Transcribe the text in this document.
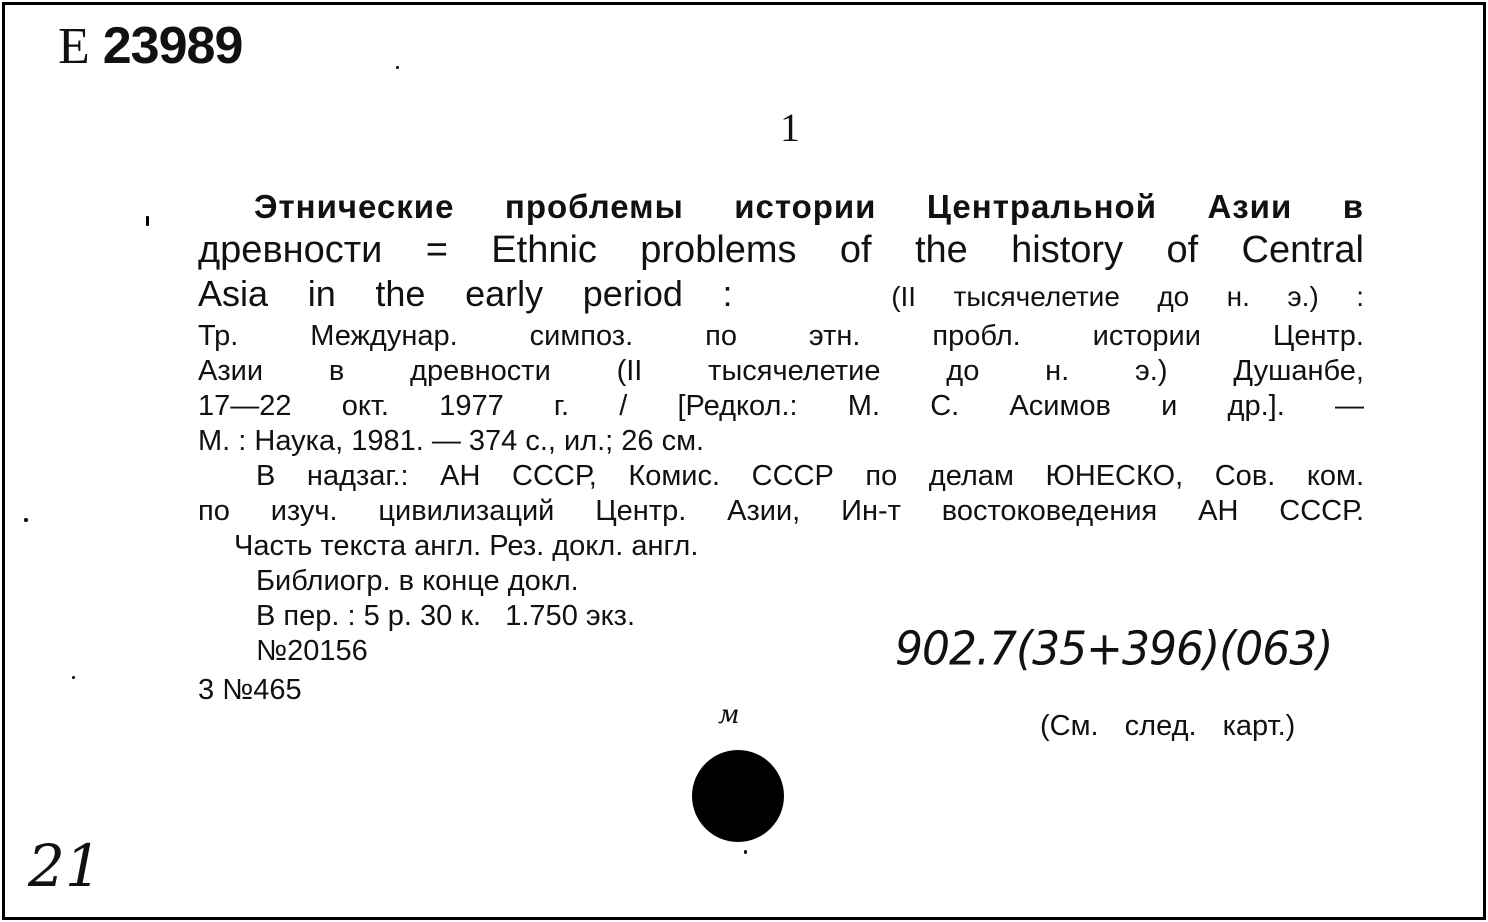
Е 23989
1
Этнические проблемы истории Центральной Азии в
древности = Ethnic problems of the history of Central
Asia in the early period :	(II тысячелетие до н. э.) :
Тр. Междунар. симпоз. по этн. пробл. истории Центр.
Азии в древности (II тысячелетие до н. э.) Душанбе,
17—22 окт. 1977 г. / [Редкол.: М. С. Асимов и др.]. —
М. : Наука, 1981. — 374 с., ил.; 26 см.
В надзаг.: АН СССР, Комис. СССР по делам ЮНЕСКО, Сов. ком.
по изуч. цивилизаций Центр. Азии, Ин-т востоковедения АН СССР.
Часть текста англ. Рез. докл. англ.
Библиогр. в конце докл.
В пер. : 5 р. 30 к.   1.750 экз.
№20156
3 №465
902.7(35+396)(063)
(См. след. карт.)
м
21
